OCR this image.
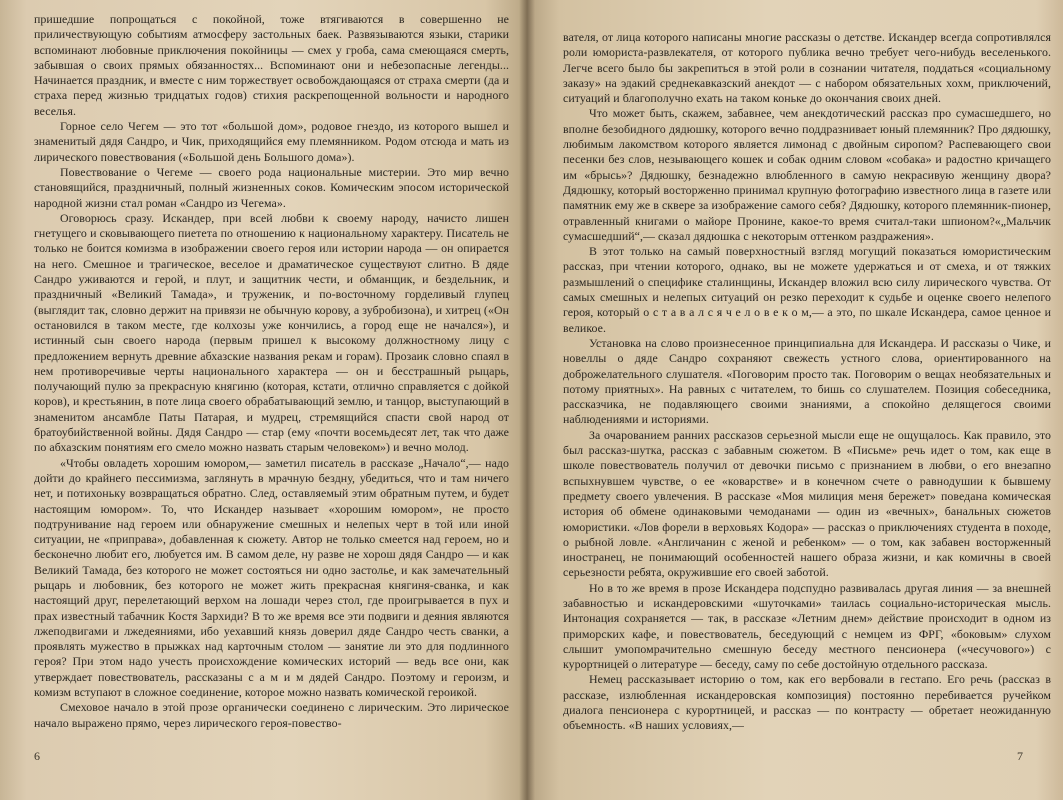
пришедшие попрощаться с покойной, тоже втягиваются в совершенно не приличествующую событиям атмосферу застольных баек. Развязываются языки, старики вспоминают любовные приключения покойницы — смех у гроба, сама смеющаяся смерть, забывшая о своих прямых обязанностях... Вспоминают они и небезопасные легенды... Начинается праздник, и вместе с ним торжествует освобождающаяся от страха смерти (да и страха перед жизнью тридцатых годов) стихия раскрепощенной вольности и народного веселья.

Горное село Чегем — это тот «большой дом», родовое гнездо, из которого вышел и знаменитый дядя Сандро, и Чик, приходящийся ему племянником. Родом отсюда и мать из лирического повествования («Большой день Большого дома»).

Повествование о Чегеме — своего рода национальные мистерии. Это мир вечно становящийся, праздничный, полный жизненных соков. Комическим эпосом исторической народной жизни стал роман «Сандро из Чегема».

Оговорюсь сразу. Искандер, при всей любви к своему народу, начисто лишен гнетущего и сковывающего пиетета по отношению к национальному характеру. Писатель не только не боится комизма в изображении своего героя или истории народа — он опирается на него. Смешное и трагическое, веселое и драматическое существуют слитно. В дяде Сандро уживаются и герой, и плут, и защитник чести, и обманщик, и бездельник, и праздничный «Великий Тамада», и труженик, и по-восточному горделивый глупец (выглядит так, словно держит на привязи не обычную корову, а зубробизона), и хитрец («Он остановился в таком месте, где колхозы уже кончились, а город еще не начался»), и истинный сын своего народа (первым пришел к высокому должностному лицу с предложением вернуть древние абхазские названия рекам и горам). Прозаик словно спаял в нем противоречивые черты национального характера — он и бесстрашный рыцарь, получающий пулю за прекрасную княгиню (которая, кстати, отлично справляется с дойкой коров), и крестьянин, в поте лица своего обрабатывающий землю, и танцор, выступающий в знаменитом ансамбле Паты Патарая, и мудрец, стремящийся спасти свой народ от братоубийственной войны. Дядя Сандро — стар (ему «почти восемьдесят лет, так что даже по абхазским понятиям его смело можно назвать старым человеком») и вечно молод.

«Чтобы овладеть хорошим юмором,— заметил писатель в рассказе „Начало“,— надо дойти до крайнего пессимизма, заглянуть в мрачную бездну, убедиться, что и там ничего нет, и потихоньку возвращаться обратно. След, оставляемый этим обратным путем, и будет настоящим юмором». То, что Искандер называет «хорошим юмором», не просто подтрунивание над героем или обнаружение смешных и нелепых черт в той или иной ситуации, не «приправа», добавленная к сюжету. Автор не только смеется над героем, но и бесконечно любит его, любуется им. В самом деле, ну разве не хорош дядя Сандро — и как Великий Тамада, без которого не может состояться ни одно застолье, и как замечательный рыцарь и любовник, без которого не может жить прекрасная княгиня-сванка, и как настоящий друг, перелетающий верхом на лошади через стол, где проигрывается в пух и прах известный табачник Костя Зархиди? В то же время все эти подвиги и деяния являются лжеподвигами и лжедеяниями, ибо уехавший князь доверил дяде Сандро честь сванки, а проявлять мужество в прыжках над карточным столом — занятие ли это для подлинного героя? При этом надо учесть происхождение комических историй — ведь все они, как утверждает повествователь, рассказаны с а м и м дядей Сандро. Поэтому и героизм, и комизм вступают в сложное соединение, которое можно назвать комической героикой.

Смеховое начало в этой прозе органически соединено с лирическим. Это лирическое начало выражено прямо, через лирического героя-повество-

6

вателя, от лица которого написаны многие рассказы о детстве. Искандер всегда сопротивлялся роли юмориста-развлекателя, от которого публика вечно требует чего-нибудь веселенького. Легче всего было бы закрепиться в этой роли в сознании читателя, поддаться «социальному заказу» на эдакий среднекавказский анекдот — с набором обязательных хохм, приключений, ситуаций и благополучно ехать на таком коньке до окончания своих дней.

Что может быть, скажем, забавнее, чем анекдотический рассказ про сумасшедшего, но вполне безобидного дядюшку, которого вечно поддразнивает юный племянник? Про дядюшку, любимым лакомством которого является лимонад с двойным сиропом? Распевающего свои песенки без слов, незывающего кошек и собак одним словом «собака» и радостно кричащего им «брысь»? Дядюшку, безнадежно влюбленного в самую некрасивую женщину двора? Дядюшку, который восторженно принимал крупную фотографию известного лица в газете или памятник ему же в сквере за изображение самого себя? Дядюшку, которого племянник-пионер, отравленный книгами о майоре Пронине, какое-то время считал-таки шпионом?«„Мальчик сумасшедший“,— сказал дядюшка с некоторым оттенком раздражения».

В этот только на самый поверхностный взгляд могущий показаться юмористическим рассказ, при чтении которого, однако, вы не можете удержаться и от смеха, и от тяжких размышлений о специфике сталинщины, Искандер вложил всю силу лирического чувства. От самых смешных и нелепых ситуаций он резко переходит к судьбе и оценке своего нелепого героя, который о с т а в а л с я ч е л о в е к о м,— а это, по шкале Искандера, самое ценное и великое.

Установка на слово произнесенное принципиальна для Искандера. И рассказы о Чике, и новеллы о дяде Сандро сохраняют свежесть устного слова, ориентированного на доброжелательного слушателя. «Поговорим просто так. Поговорим о вещах необязательных и потому приятных». На равных с читателем, то бишь со слушателем. Позиция собеседника, рассказчика, не подавляющего своими знаниями, а спокойно делящегося своими наблюдениями и историями.

За очарованием ранних рассказов серьезной мысли еще не ощущалось. Как правило, это был рассказ-шутка, рассказ с забавным сюжетом. В «Письме» речь идет о том, как еще в школе повествователь получил от девочки письмо с признанием в любви, о его внезапно вспыхнувшем чувстве, о ее «коварстве» и в конечном счете о равнодушии к бывшему предмету своего увлечения. В рассказе «Моя милиция меня бережет» поведана комическая история об обмене одинаковыми чемоданами — один из «вечных», банальных сюжетов юмористики. «Лов форели в верховьях Кодора» — рассказ о приключениях студента в походе, о рыбной ловле. «Англичанин с женой и ребенком» — о том, как забавен восторженный иностранец, не понимающий особенностей нашего образа жизни, и как комичны в своей серьезности ребята, окружившие его своей заботой.

Но в то же время в прозе Искандера подспудно развивалась другая линия — за внешней забавностью и искандеровскими «шуточками» таилась социально-историческая мысль. Интонация сохраняется — так, в рассказе «Летним днем» действие происходит в одном из приморских кафе, и повествователь, беседующий с немцем из ФРГ, «боковым» слухом слышит умопомрачительно смешную беседу местного пенсионера («чесучового») с курортницей о литературе — беседу, саму по себе достойную отдельного рассказа.

Немец рассказывает историю о том, как его вербовали в гестапо. Его речь (рассказ в рассказе, излюбленная искандеровская композиция) постоянно перебивается ручейком диалога пенсионера с курортницей, и рассказ — по контрасту — обретает неожиданную объемность. «В наших условиях,—

7
